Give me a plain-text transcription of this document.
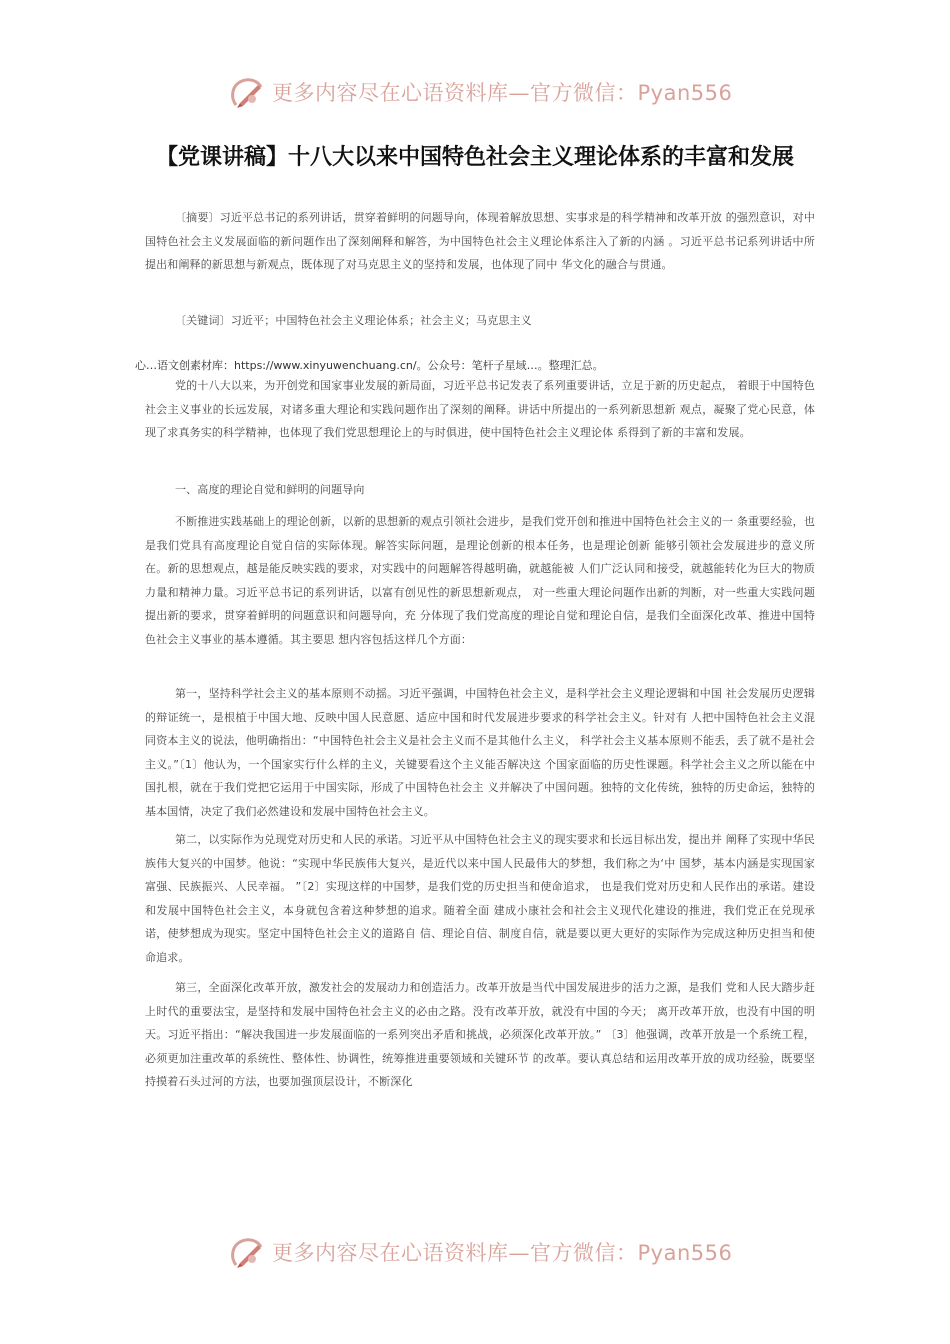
更多内容尽在心语资料库—官方微信：Pyan556
【党课讲稿】十八大以来中国特色社会主义理论体系的丰富和发展

〔摘要〕习近平总书记的系列讲话，贯穿着鲜明的问题导向，体现着解放思想、实事求是的科学精神和改革开放 的强烈意识，对中国特色社会主义发展面临的新问题作出了深刻阐释和解答，为中国特色社会主义理论体系注入了新的内涵 。习近平总书记系列讲话中所提出和阐释的新思想与新观点，既体现了对马克思主义的坚持和发展，也体现了同中 华文化的融合与贯通。

〔关键词〕习近平；中国特色社会主义理论体系；社会主义；马克思主义

心…语文创素材库：https://www.xinyuwenchuang.cn/。公众号：笔杆子星域…。整理汇总。

党的十八大以来，为开创党和国家事业发展的新局面，习近平总书记发表了系列重要讲话，立足于新的历史起点， 着眼于中国特色社会主义事业的长远发展，对诸多重大理论和实践问题作出了深刻的阐释。讲话中所提出的一系列新思想新 观点，凝聚了党心民意，体现了求真务实的科学精神，也体现了我们党思想理论上的与时俱进，使中国特色社会主义理论体 系得到了新的丰富和发展。

一、高度的理论自觉和鲜明的问题导向

不断推进实践基础上的理论创新，以新的思想新的观点引领社会进步，是我们党开创和推进中国特色社会主义的一 条重要经验，也是我们党具有高度理论自觉自信的实际体现。解答实际问题，是理论创新的根本任务，也是理论创新 能够引领社会发展进步的意义所在。新的思想观点，越是能反映实践的要求，对实践中的问题解答得越明确，就越能被 人们广泛认同和接受，就越能转化为巨大的物质力量和精神力量。习近平总书记的系列讲话，以富有创见性的新思想新观点， 对一些重大理论问题作出新的判断，对一些重大实践问题提出新的要求，贯穿着鲜明的问题意识和问题导向，充 分体现了我们党高度的理论自觉和理论自信，是我们全面深化改革、推进中国特色社会主义事业的基本遵循。其主要思 想内容包括这样几个方面：

第一，坚持科学社会主义的基本原则不动摇。习近平强调，中国特色社会主义，是科学社会主义理论逻辑和中国 社会发展历史逻辑的辩证统一，是根植于中国大地、反映中国人民意愿、适应中国和时代发展进步要求的科学社会主义。针对有 人把中国特色社会主义混同资本主义的说法，他明确指出：“中国特色社会主义是社会主义而不是其他什么主义， 科学社会主义基本原则不能丢，丢了就不是社会主义。”〔1〕他认为，一个国家实行什么样的主义，关键要看这个主义能否解决这 个国家面临的历史性课题。科学社会主义之所以能在中国扎根，就在于我们党把它运用于中国实际，形成了中国特色社会主 义并解决了中国问题。独特的文化传统，独特的历史命运，独特的基本国情，决定了我们必然建设和发展中国特色社会主义。

第二，以实际作为兑现党对历史和人民的承诺。习近平从中国特色社会主义的现实要求和长远目标出发，提出并 阐释了实现中华民族伟大复兴的中国梦。他说：“实现中华民族伟大复兴，是近代以来中国人民最伟大的梦想，我们称之为‘中 国梦，基本内涵是实现国家富强、民族振兴、人民幸福。 ”〔2〕实现这样的中国梦，是我们党的历史担当和使命追求， 也是我们党对历史和人民作出的承诺。建设和发展中国特色社会主义，本身就包含着这种梦想的追求。随着全面 建成小康社会和社会主义现代化建设的推进，我们党正在兑现承诺，使梦想成为现实。坚定中国特色社会主义的道路自 信、理论自信、制度自信，就是要以更大更好的实际作为完成这种历史担当和使命追求。

第三，全面深化改革开放，激发社会的发展动力和创造活力。改革开放是当代中国发展进步的活力之源，是我们 党和人民大踏步赶上时代的重要法宝，是坚持和发展中国特色社会主义的必由之路。没有改革开放，就没有中国的今天； 离开改革开放，也没有中国的明天。习近平指出：“解决我国进一步发展面临的一系列突出矛盾和挑战，必须深化改革开放。” 〔3〕他强调，改革开放是一个系统工程，必须更加注重改革的系统性、整体性、协调性，统筹推进重要领域和关键环节 的改革。要认真总结和运用改革开放的成功经验，既要坚持摸着石头过河的方法，也要加强顶层设计，不断深化

更多内容尽在心语资料库—官方微信：Pyan556
